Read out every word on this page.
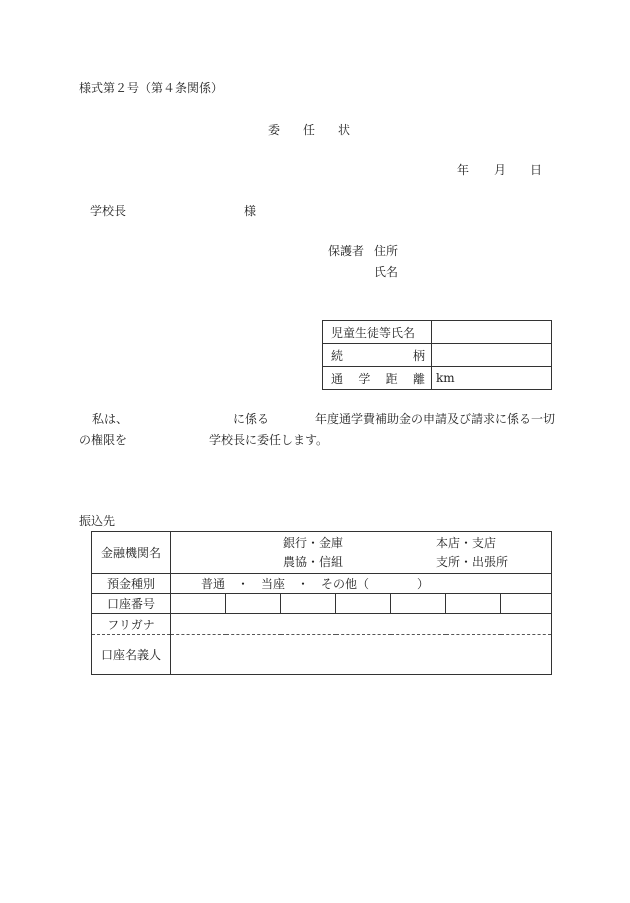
様式第２号（第４条関係）
委 任 状
年 月 日
学校長	様
保護者 住所
氏名
児童生徒等氏名	

続 柄	

通 学 距 離	km
私は、	に係る	年度通学費補助金の申請及び請求に係る一切
の権限を	学校長に委任します。
振込先
金融機関名	銀行・金庫
農協・信組
本店・支店
支所・出張所						

預金種別	普通　・　当座　・　その他（　　　　）						
口座番号							
フリガナ							
口座名義人							
